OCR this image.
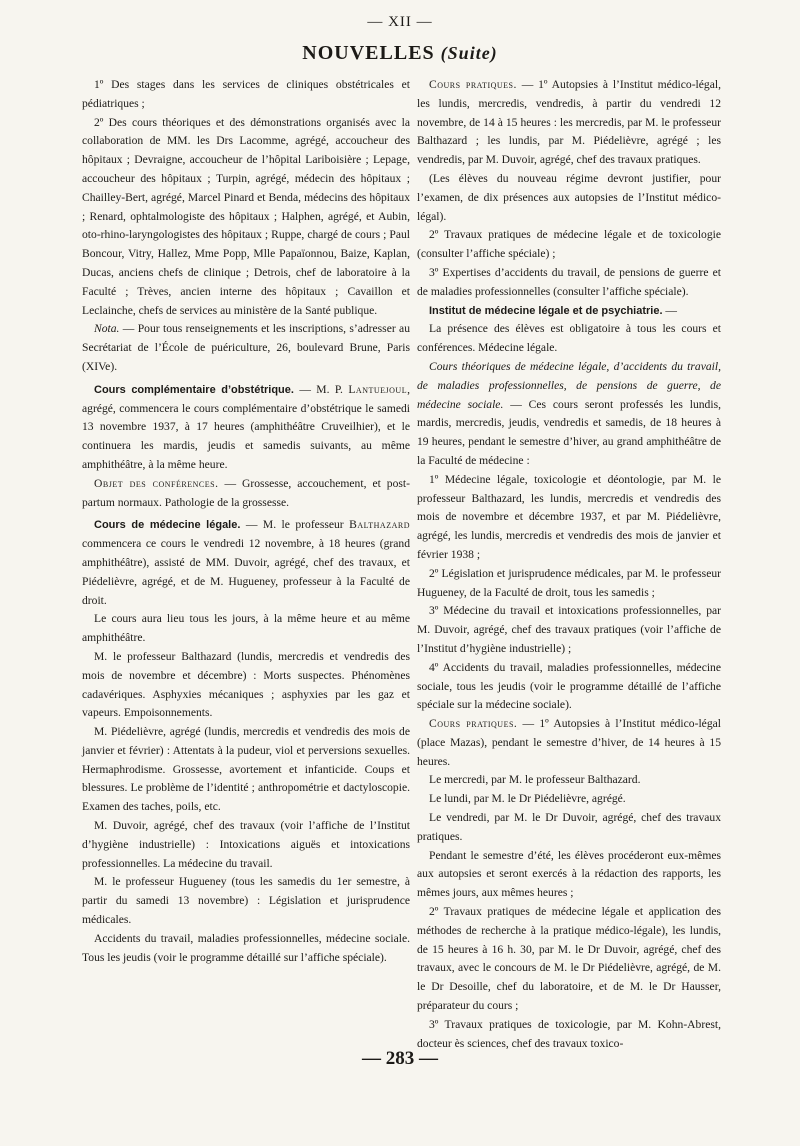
— XII —
NOUVELLES (Suite)

1º Des stages dans les services de cliniques obstétricales et pédiatriques ;

2º Des cours théoriques et des démonstrations organisés avec la collaboration de MM. les Drs Lacomme, agrégé, accoucheur des hôpitaux ; Devraigne, accoucheur de l’hôpital Lariboisière ; Lepage, accoucheur des hôpitaux ; Turpin, agrégé, médecin des hôpitaux ; Chailley-Bert, agrégé, Marcel Pinard et Benda, médecins des hôpitaux ; Renard, ophtalmologiste des hôpitaux ; Halphen, agrégé, et Aubin, oto-rhino-laryngologistes des hôpitaux ; Ruppe, chargé de cours ; Paul Boncour, Vitry, Hallez, Mme Popp, Mlle Papaïonnou, Baize, Kaplan, Ducas, anciens chefs de clinique ; Detrois, chef de laboratoire à la Faculté ; Trèves, ancien interne des hôpitaux ; Cavaillon et Leclainche, chefs de services au ministère de la Santé publique.

Nota. — Pour tous renseignements et les inscriptions, s’adresser au Secrétariat de l’École de puériculture, 26, boulevard Brune, Paris (XIVe).

Cours complémentaire d’obstétrique. — M. P. Lantuejoul, agrégé, commencera le cours complémentaire d’obstétrique le samedi 13 novembre 1937, à 17 heures (amphithéâtre Cruveilhier), et le continuera les mardis, jeudis et samedis suivants, au même amphithéâtre, à la même heure.

Objet des conférences. — Grossesse, accouchement, et post-partum normaux. Pathologie de la grossesse.

Cours de médecine légale. — M. le professeur Balthazard commencera ce cours le vendredi 12 novembre, à 18 heures (grand amphithéâtre), assisté de MM. Duvoir, agrégé, chef des travaux, et Piédelièvre, agrégé, et de M. Hugueney, professeur à la Faculté de droit.

Le cours aura lieu tous les jours, à la même heure et au même amphithéâtre.

M. le professeur Balthazard (lundis, mercredis et vendredis des mois de novembre et décembre) : Morts suspectes. Phénomènes cadavériques. Asphyxies mécaniques ; asphyxies par les gaz et vapeurs. Empoisonnements.

M. Piédelièvre, agrégé (lundis, mercredis et vendredis des mois de janvier et février) : Attentats à la pudeur, viol et perversions sexuelles. Hermaphrodisme. Grossesse, avortement et infanticide. Coups et blessures. Le problème de l’identité ; anthropométrie et dactyloscopie. Examen des taches, poils, etc.

M. Duvoir, agrégé, chef des travaux (voir l’affiche de l’Institut d’hygiène industrielle) : Intoxications aiguës et intoxications professionnelles. La médecine du travail.

M. le professeur Hugueney (tous les samedis du 1er semestre, à partir du samedi 13 novembre) : Législation et jurisprudence médicales.

Accidents du travail, maladies professionnelles, médecine sociale. Tous les jeudis (voir le programme détaillé sur l’affiche spéciale).

Cours pratiques. — 1º Autopsies à l’Institut médico-légal, les lundis, mercredis, vendredis, à partir du vendredi 12 novembre, de 14 à 15 heures : les mercredis, par M. le professeur Balthazard ; les lundis, par M. Piédelièvre, agrégé ; les vendredis, par M. Duvoir, agrégé, chef des travaux pratiques.

(Les élèves du nouveau régime devront justifier, pour l’examen, de dix présences aux autopsies de l’Institut médico-légal).

2º Travaux pratiques de médecine légale et de toxicologie (consulter l’affiche spéciale) ;

3º Expertises d’accidents du travail, de pensions de guerre et de maladies professionnelles (consulter l’affiche spéciale).

Institut de médecine légale et de psychiatrie. —

La présence des élèves est obligatoire à tous les cours et conférences. Médecine légale.

Cours théoriques de médecine légale, d’accidents du travail, de maladies professionnelles, de pensions de guerre, de médecine sociale. — Ces cours seront professés les lundis, mardis, mercredis, jeudis, vendredis et samedis, de 18 heures à 19 heures, pendant le semestre d’hiver, au grand amphithéâtre de la Faculté de médecine :

1º Médecine légale, toxicologie et déontologie, par M. le professeur Balthazard, les lundis, mercredis et vendredis des mois de novembre et décembre 1937, et par M. Piédelièvre, agrégé, les lundis, mercredis et vendredis des mois de janvier et février 1938 ;

2º Législation et jurisprudence médicales, par M. le professeur Hugueney, de la Faculté de droit, tous les samedis ;

3º Médecine du travail et intoxications professionnelles, par M. Duvoir, agrégé, chef des travaux pratiques (voir l’affiche de l’Institut d’hygiène industrielle) ;

4º Accidents du travail, maladies professionnelles, médecine sociale, tous les jeudis (voir le programme détaillé de l’affiche spéciale sur la médecine sociale).

Cours pratiques. — 1º Autopsies à l’Institut médico-légal (place Mazas), pendant le semestre d’hiver, de 14 heures à 15 heures.

Le mercredi, par M. le professeur Balthazard.

Le lundi, par M. le Dr Piédelièvre, agrégé.

Le vendredi, par M. le Dr Duvoir, agrégé, chef des travaux pratiques.

Pendant le semestre d’été, les élèves procéderont eux-mêmes aux autopsies et seront exercés à la rédaction des rapports, les mêmes jours, aux mêmes heures ;

2º Travaux pratiques de médecine légale et application des méthodes de recherche à la pratique médico-légale), les lundis, de 15 heures à 16 h. 30, par M. le Dr Duvoir, agrégé, chef des travaux, avec le concours de M. le Dr Piédelièvre, agrégé, de M. le Dr Desoille, chef du laboratoire, et de M. le Dr Hausser, préparateur du cours ;

3º Travaux pratiques de toxicologie, par M. Kohn-Abrest, docteur ès sciences, chef des travaux toxico-

— 283 —
